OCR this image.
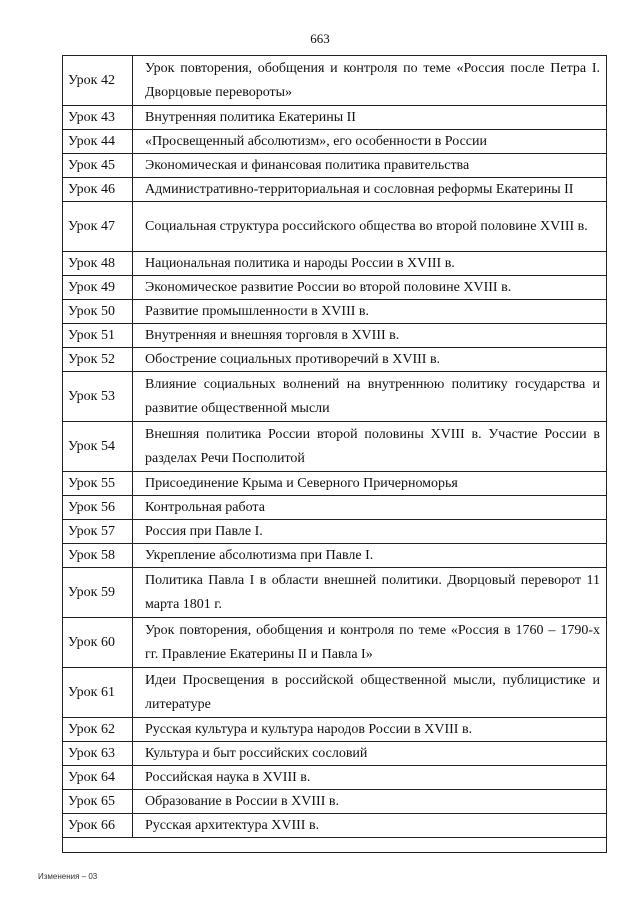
663
Урок 42	Урок повторения, обобщения и контроля по теме «Россия после Петра I. Дворцовые перевороты»
Урок 43	Внутренняя политика Екатерины II
Урок 44	«Просвещенный абсолютизм», его особенности в России
Урок 45	Экономическая и финансовая политика правительства
Урок 46	Административно-территориальная и сословная реформы Екатерины II
Урок 47	Социальная структура российского общества во второй половине XVIII в.
Урок 48	Национальная политика и народы России в XVIII в.
Урок 49	Экономическое развитие России во второй половине XVIII в.
Урок 50	Развитие промышленности в XVIII в.
Урок 51	Внутренняя и внешняя торговля в XVIII в.
Урок 52	Обострение социальных противоречий в XVIII в.
Урок 53	Влияние социальных волнений на внутреннюю политику государства и развитие общественной мысли
Урок 54	Внешняя политика России второй половины XVIII в. Участие России в разделах Речи Посполитой
Урок 55	Присоединение Крыма и Северного Причерноморья
Урок 56	Контрольная работа
Урок 57	Россия при Павле I.
Урок 58	Укрепление абсолютизма при Павле I.
Урок 59	Политика Павла I в области внешней политики. Дворцовый переворот 11 марта 1801 г.
Урок 60	Урок повторения, обобщения и контроля по теме «Россия в 1760 – 1790-х гг. Правление Екатерины II и Павла I»
Урок 61	Идеи Просвещения в российской общественной мысли, публицистике и литературе
Урок 62	Русская культура и культура народов России в XVIII в.
Урок 63	Культура и быт российских сословий
Урок 64	Российская наука в XVIII в.
Урок 65	Образование в России в XVIII в.
Урок 66	Русская архитектура XVIII в.
Изменения – 03
